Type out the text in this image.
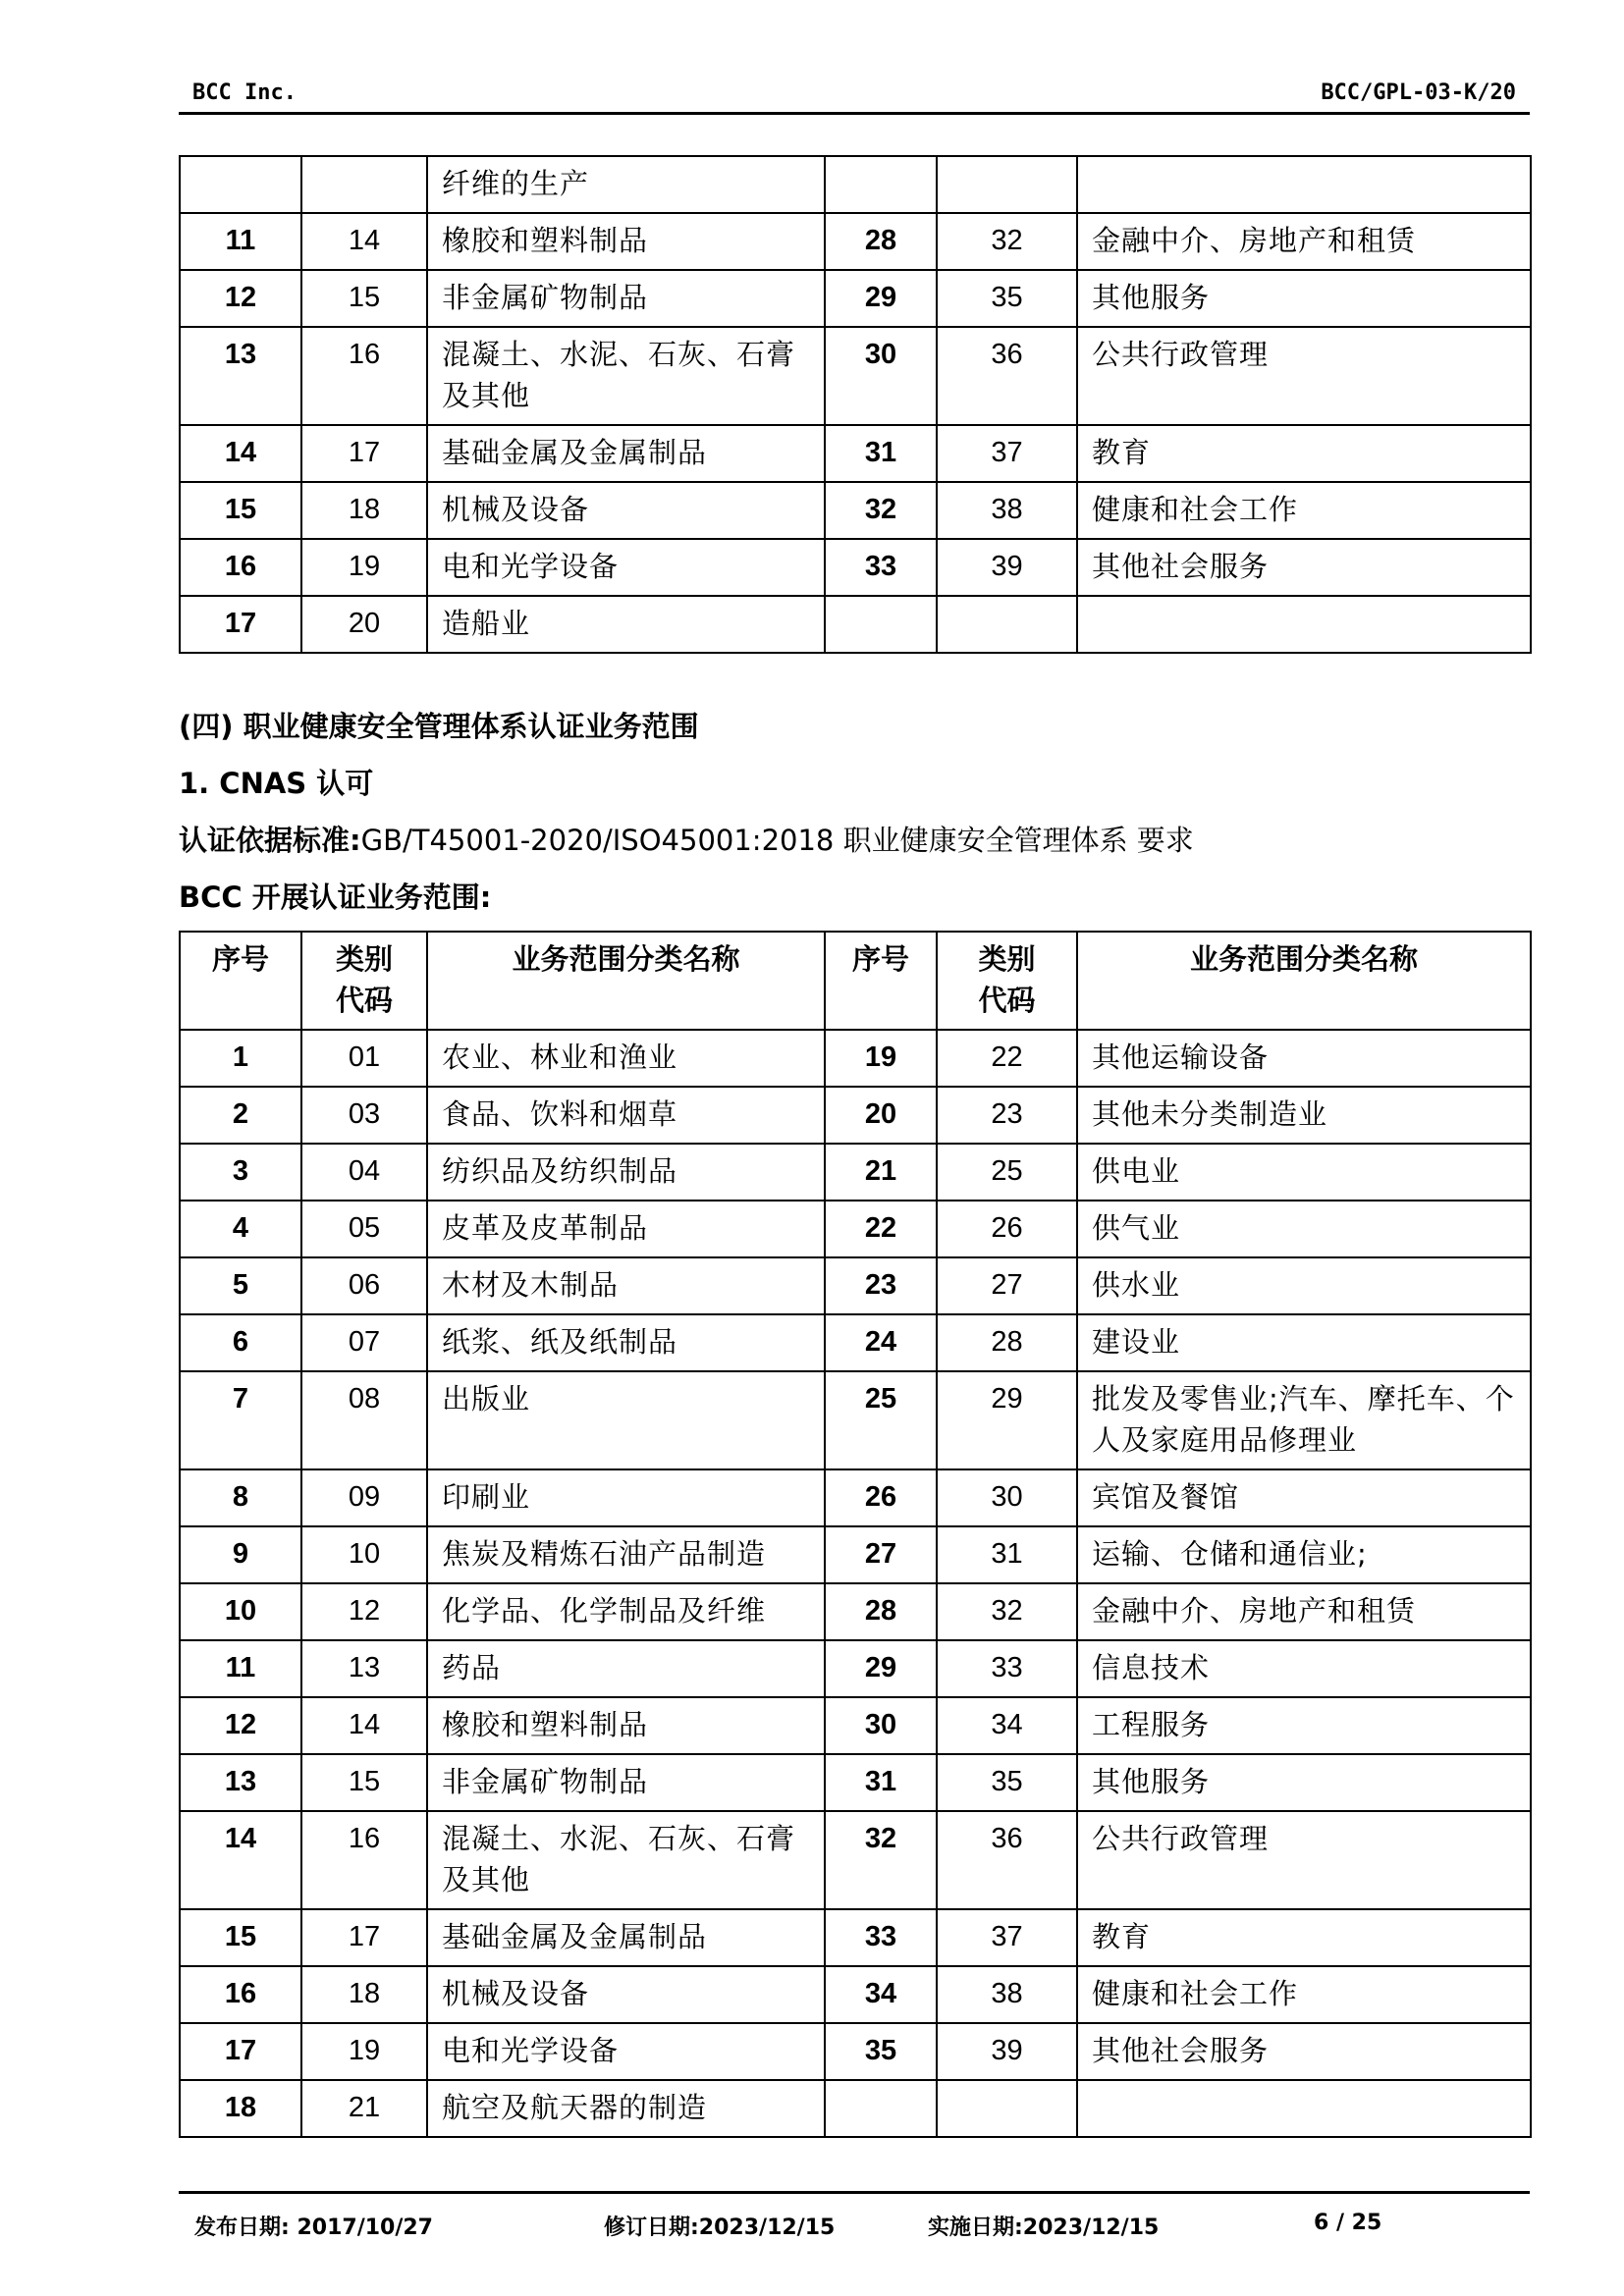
BCC Inc.	BCC/GPL-03-K/20
		纤维的生产			
11	14	橡胶和塑料制品	28	32	金融中介、房地产和租赁
12	15	非金属矿物制品	29	35	其他服务
13	16	混凝土、水泥、石灰、石膏及其他	30	36	公共行政管理
14	17	基础金属及金属制品	31	37	教育
15	18	机械及设备	32	38	健康和社会工作
16	19	电和光学设备	33	39	其他社会服务
17	20	造船业			
(四) 职业健康安全管理体系认证业务范围
1. CNAS 认可
认证依据标准:GB/T45001-2020/ISO45001:2018 职业健康安全管理体系 要求
BCC 开展认证业务范围:
序号	类别代码	业务范围分类名称	序号	类别代码	业务范围分类名称
1	01	农业、林业和渔业	19	22	其他运输设备
2	03	食品、饮料和烟草	20	23	其他未分类制造业
3	04	纺织品及纺织制品	21	25	供电业
4	05	皮革及皮革制品	22	26	供气业
5	06	木材及木制品	23	27	供水业
6	07	纸浆、纸及纸制品	24	28	建设业
7	08	出版业	25	29	批发及零售业;汽车、摩托车、个人及家庭用品修理业
8	09	印刷业	26	30	宾馆及餐馆
9	10	焦炭及精炼石油产品制造	27	31	运输、仓储和通信业;
10	12	化学品、化学制品及纤维	28	32	金融中介、房地产和租赁
11	13	药品	29	33	信息技术
12	14	橡胶和塑料制品	30	34	工程服务
13	15	非金属矿物制品	31	35	其他服务
14	16	混凝土、水泥、石灰、石膏及其他	32	36	公共行政管理
15	17	基础金属及金属制品	33	37	教育
16	18	机械及设备	34	38	健康和社会工作
17	19	电和光学设备	35	39	其他社会服务
18	21	航空及航天器的制造			
发布日期: 2017/10/27	修订日期:2023/12/15	实施日期:2023/12/15	6 / 25
